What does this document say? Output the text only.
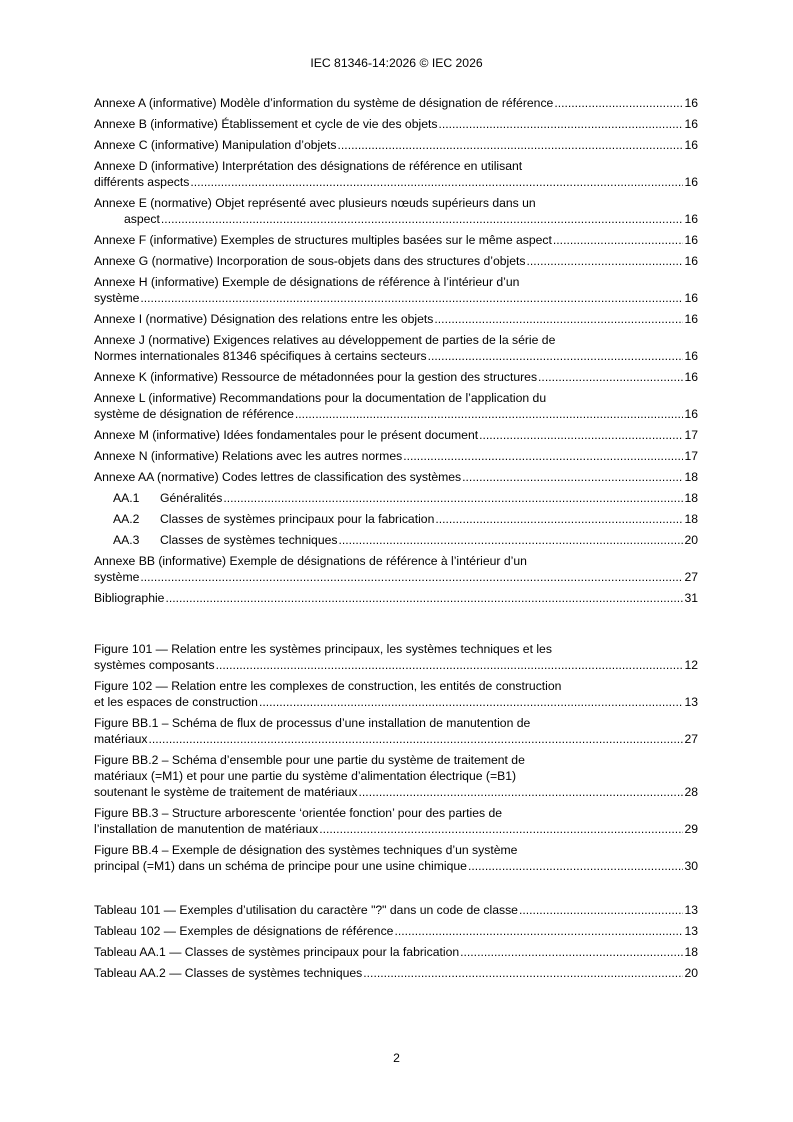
IEC 81346-14:2026 © IEC 2026
Annexe A (informative) Modèle d’information du système de désignation de référence .....	16
Annexe B (informative) Établissement et cycle de vie des objets .....	16
Annexe C (informative) Manipulation d’objets .....	16
Annexe D (informative) Interprétation des désignations de référence en utilisant
différents aspects .....	16
Annexe E (normative) Objet représenté avec plusieurs nœuds supérieurs dans un
aspect .....	16
Annexe F (informative) Exemples de structures multiples basées sur le même aspect .....	16
Annexe G (normative) Incorporation de sous-objets dans des structures d’objets .....	16
Annexe H (informative) Exemple de désignations de référence à l’intérieur d’un
système .....	16
Annexe I (normative) Désignation des relations entre les objets .....	16
Annexe J (normative) Exigences relatives au développement de parties de la série de
Normes internationales 81346 spécifiques à certains secteurs .....	16
Annexe K (informative) Ressource de métadonnées pour la gestion des structures .....	16
Annexe L (informative) Recommandations pour la documentation de l’application du
système de désignation de référence .....	16
Annexe M (informative) Idées fondamentales pour le présent document .....	17
Annexe N (informative) Relations avec les autres normes .....	17
Annexe AA (normative) Codes lettres de classification des systèmes .....	18
AA.1 Généralités .....	18
AA.2 Classes de systèmes principaux pour la fabrication .....	18
AA.3 Classes de systèmes techniques .....	20
Annexe BB (informative) Exemple de désignations de référence à l’intérieur d’un
système .....	27
Bibliographie .....	31
Figure 101 — Relation entre les systèmes principaux, les systèmes techniques et les
systèmes composants .....	12
Figure 102 — Relation entre les complexes de construction, les entités de construction
et les espaces de construction .....	13
Figure BB.1 – Schéma de flux de processus d’une installation de manutention de
matériaux .....	27
Figure BB.2 – Schéma d’ensemble pour une partie du système de traitement de
matériaux (=M1) et pour une partie du système d’alimentation électrique (=B1)
soutenant le système de traitement de matériaux .....	28
Figure BB.3 – Structure arborescente ‘orientée fonction’ pour des parties de
l’installation de manutention de matériaux .....	29
Figure BB.4 – Exemple de désignation des systèmes techniques d’un système
principal (=M1) dans un schéma de principe pour une usine chimique .....	30
Tableau 101 — Exemples d’utilisation du caractère "?" dans un code de classe .....	13
Tableau 102 — Exemples de désignations de référence .....	13
Tableau AA.1 — Classes de systèmes principaux pour la fabrication .....	18
Tableau AA.2 — Classes de systèmes techniques .....	20
2
